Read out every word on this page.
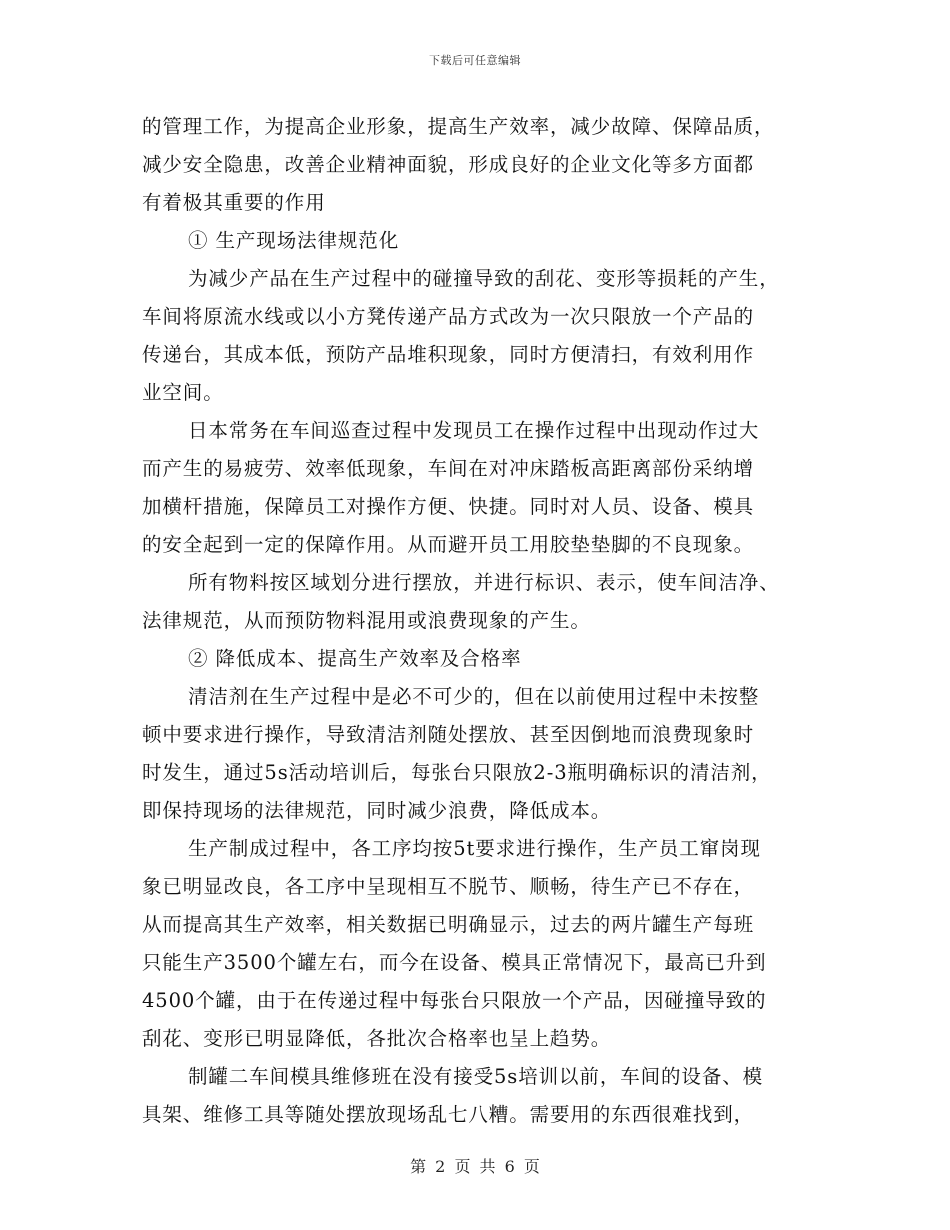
下载后可任意编辑
的管理工作，为提高企业形象，提高生产效率，减少故障、保障品质，
减少安全隐患，改善企业精神面貌，形成良好的企业文化等多方面都
有着极其重要的作用
① 生产现场法律规范化
为减少产品在生产过程中的碰撞导致的刮花、变形等损耗的产生，
车间将原流水线或以小方凳传递产品方式改为一次只限放一个产品的
传递台，其成本低，预防产品堆积现象，同时方便清扫，有效利用作
业空间。
日本常务在车间巡查过程中发现员工在操作过程中出现动作过大
而产生的易疲劳、效率低现象，车间在对冲床踏板高距离部份采纳增
加横杆措施，保障员工对操作方便、快捷。同时对人员、设备、模具
的安全起到一定的保障作用。从而避开员工用胶垫垫脚的不良现象。
所有物料按区域划分进行摆放，并进行标识、表示，使车间洁净、
法律规范，从而预防物料混用或浪费现象的产生。
② 降低成本、提高生产效率及合格率
清洁剂在生产过程中是必不可少的，但在以前使用过程中未按整
顿中要求进行操作，导致清洁剂随处摆放、甚至因倒地而浪费现象时
时发生，通过5s活动培训后，每张台只限放2-3瓶明确标识的清洁剂，
即保持现场的法律规范，同时减少浪费，降低成本。
生产制成过程中，各工序均按5t要求进行操作，生产员工窜岗现
象已明显改良，各工序中呈现相互不脱节、顺畅，待生产已不存在，
从而提高其生产效率，相关数据已明确显示，过去的两片罐生产每班
只能生产3500个罐左右，而今在设备、模具正常情况下，最高已升到
4500个罐，由于在传递过程中每张台只限放一个产品，因碰撞导致的
刮花、变形已明显降低，各批次合格率也呈上趋势。
制罐二车间模具维修班在没有接受5s培训以前，车间的设备、模
具架、维修工具等随处摆放现场乱七八糟。需要用的东西很难找到，
第 2 页 共 6 页
